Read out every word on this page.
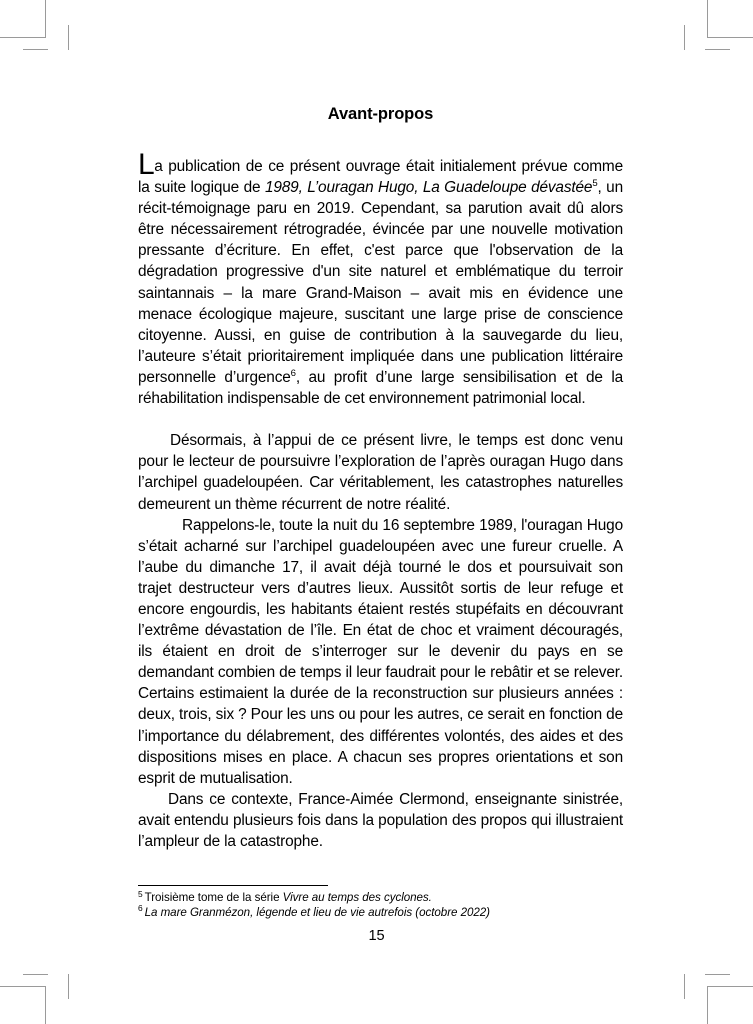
Avant-propos

La publication de ce présent ouvrage était initialement prévue comme la suite logique de 1989, L’ouragan Hugo, La Guadeloupe dévastée$^5$, un récit-témoignage paru en 2019. Cependant, sa parution avait dû alors être nécessairement rétrogradée, évincée par une nouvelle motivation pressante d’écriture. En effet, c'est parce que l'observation de la dégradation progressive d'un site naturel et emblématique du terroir saintannais – la mare Grand-Maison – avait mis en évidence une menace écologique majeure, suscitant une large prise de conscience citoyenne. Aussi, en guise de contribution à la sauvegarde du lieu, l’auteure s’était prioritairement impliquée dans une publication littéraire personnelle d’urgence$^6$, au profit d’une large sensibilisation et de la réhabilitation indispensable de cet environnement patrimonial local.

Désormais, à l’appui de ce présent livre, le temps est donc venu pour le lecteur de poursuivre l’exploration de l’après ouragan Hugo dans l’archipel guadeloupéen. Car véritablement, les catastrophes naturelles demeurent un thème récurrent de notre réalité.

Rappelons-le, toute la nuit du 16 septembre 1989, l'ouragan Hugo s’était acharné sur l’archipel guadeloupéen avec une fureur cruelle. A l’aube du dimanche 17, il avait déjà tourné le dos et poursuivait son trajet destructeur vers d’autres lieux. Aussitôt sortis de leur refuge et encore engourdis, les habitants étaient restés stupéfaits en découvrant l’extrême dévastation de l’île. En état de choc et vraiment découragés, ils étaient en droit de s’interroger sur le devenir du pays en se demandant combien de temps il leur faudrait pour le rebâtir et se relever. Certains estimaient la durée de la reconstruction sur plusieurs années : deux, trois, six ? Pour les uns ou pour les autres, ce serait en fonction de l’importance du délabrement, des différentes volontés, des aides et des dispositions mises en place. A chacun ses propres orientations et son esprit de mutualisation.

Dans ce contexte, France-Aimée Clermond, enseignante sinistrée, avait entendu plusieurs fois dans la population des propos qui illustraient l’ampleur de la catastrophe.

$^5$ Troisième tome de la série Vivre au temps des cyclones.

$^6$ La mare Granmézon, légende et lieu de vie autrefois (octobre 2022)

15
